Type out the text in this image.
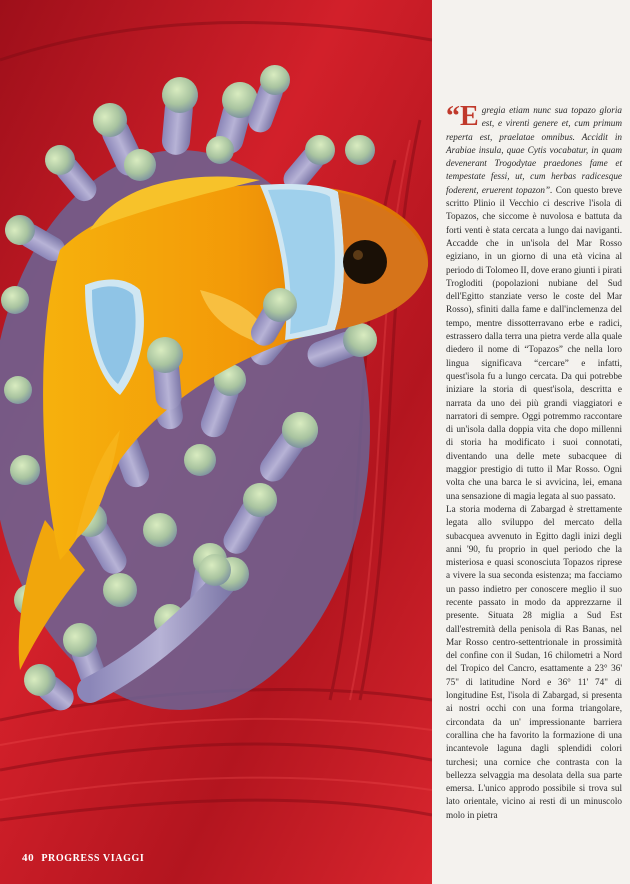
“Egregia etiam nunc sua topazo gloria est, e virenti genere et, cum primum reperta est, praelatae omnibus. Accidit in Arabiae insula, quae Cytis vocabatur, in quam devenerant Trogodytae praedones fame et tempestate fessi, ut, cum herbas radicesque foderent, eruerent topazon”. Con questo breve scritto Plinio il Vecchio ci descrive l'isola di Topazos, che siccome è nuvolosa e battuta da forti venti è stata cercata a lungo dai naviganti. Accadde che in un'isola del Mar Rosso egiziano, in un giorno di una età vicina al periodo di Tolomeo II, dove erano giunti i pirati Trogloditi (popolazioni nubiane del Sud dell'Egitto stanziate verso le coste del Mar Rosso), sfiniti dalla fame e dall'inclemenza del tempo, mentre dissotterravano erbe e radici, estrassero dalla terra una pietra verde alla quale diedero il nome di “Topazos” che nella loro lingua significava “cercare” e infatti, quest'isola fu a lungo cercata. Da qui potrebbe iniziare la storia di quest'isola, descritta e narrata da uno dei più grandi viaggiatori e narratori di sempre. Oggi potremmo raccontare di un'isola dalla doppia vita che dopo millenni di storia ha modificato i suoi connotati, diventando una delle mete subacquee di maggior prestigio di tutto il Mar Rosso. Ogni volta che una barca le si avvicina, lei, emana una sensazione di magia legata al suo passato.

La storia moderna di Zabargad è strettamente legata allo sviluppo del mercato della subacquea avvenuto in Egitto dagli inizi degli anni '90, fu proprio in quel periodo che la misteriosa e quasi sconosciuta Topazos riprese a vivere la sua seconda esistenza; ma facciamo un passo indietro per conoscere meglio il suo recente passato in modo da apprezzarne il presente. Situata 28 miglia a Sud Est dall'estremità della penisola di Ras Banas, nel Mar Rosso centro-settentrionale in prossimità del confine con il Sudan, 16 chilometri a Nord del Tropico del Cancro, esattamente a 23° 36' 75" di latitudine Nord e 36° 11' 74" di longitudine Est, l'isola di Zabargad, si presenta ai nostri occhi con una forma triangolare, circondata da un' impressionante barriera corallina che ha favorito la formazione di una incantevole laguna dagli splendidi colori turchesi; una cornice che contrasta con la bellezza selvaggia ma desolata della sua parte emersa. L'unico approdo possibile si trova sul lato orientale, vicino ai resti di un minuscolo molo in pietra

40 PROGRESS VIAGGI
